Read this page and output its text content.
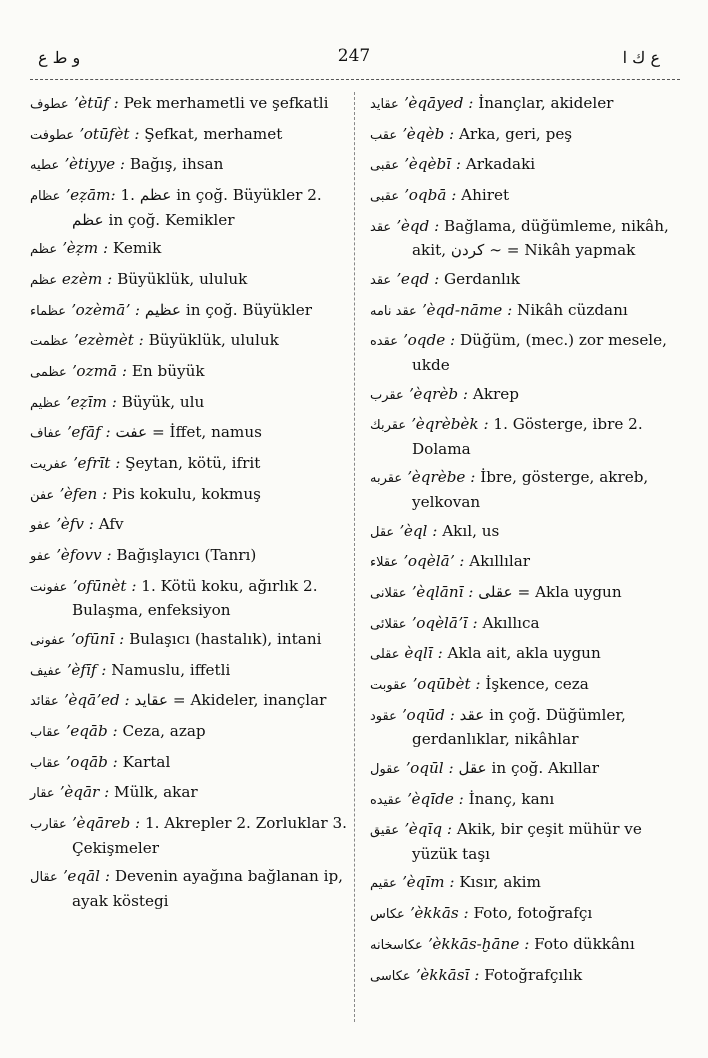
و ط ع	247	ع ك ا
عطوف ʼètūf : Pek merhametli ve şefkatli
عطوفت ʼotūfèt : Şefkat, merhamet
عطيه ʼètiyye : Bağış, ihsan
عظام ʼeẓām: 1. عظم in çoğ. Büyükler 2. عظم in çoğ. Kemikler
عظم ʼèẓm : Kemik
عظم ezèm : Büyüklük, ululuk
عظماء ʼozèmāʼ : عظيم in çoğ. Büyükler
عظمت ʼezèmèt : Büyüklük, ululuk
عظمى ʼozmā : En büyük
عظيم ʼeẓīm : Büyük, ulu
عفاف ʼefāf : عفت = İffet, namus
عفريت ʼefrīt : Şeytan, kötü, ifrit
عفن ʼèfen : Pis kokulu, kokmuş
عفو ʼèfv : Afv
عفو ʼèfovv : Bağışlayıcı (Tanrı)
عفونت ʼofūnèt : 1. Kötü koku, ağırlık 2. Bulaşma, enfeksiyon
عفونى ʼofūnī : Bulaşıcı (hastalık), intani
عفيف ʼèfīf : Namuslu, iffetli
عقائد ʼèqāʼed : عقايد = Akideler, inançlar
عقاب ʼeqāb : Ceza, azap
عقاب ʼoqāb : Kartal
عقار ʼèqār : Mülk, akar
عقارب ʼèqāreb : 1. Akrepler 2. Zorluklar 3. Çekişmeler
عقال ʼeqāl : Devenin ayağına bağlanan ip, ayak köstegi
عقايد ʼèqāyed : İnançlar, akideler
عقب ʼèqèb : Arka, geri, peş
عقبى ʼèqèbī : Arkadaki
عقبى ʼoqbā : Ahiret
عقد ʼèqd : Bağlama, düğümleme, nikâh, akit, كردن ∼ = Nikâh yapmak
عقد ʼeqd : Gerdanlık
عقد نامه ʼèqd-nāme : Nikâh cüzdanı
عقده ʼoqde : Düğüm, (mec.) zor mesele, ukde
عقرب ʼèqrèb : Akrep
عقربك ʼèqrèbèk : 1. Gösterge, ibre 2. Dolama
عقربه ʼèqrèbe : İbre, gösterge, akreb, yelkovan
عقل ʼèql : Akıl, us
عقلاء ʼoqèlāʼ : Akıllılar
عقلانى ʼèqlānī : عقلى = Akla uygun
عقلائى ʼoqèlāʼī : Akıllıca
عقلى èqlī : Akla ait, akla uygun
عقوبت ʼoqūbèt : İşkence, ceza
عقود ʼoqūd : عقد in çoğ. Düğümler, gerdanlıklar, nikâhlar
عقول ʼoqūl : عقل in çoğ. Akıllar
عقيده ʼèqīde : İnanç, kanı
عقيق ʼèqīq : Akik, bir çeşit mühür ve yüzük taşı
عقيم ʼèqīm : Kısır, akim
عكاس ʼèkkās : Foto, fotoğrafçı
عكاسخانه ʼèkkās-ḫāne : Foto dükkânı
عكاسى ʼèkkāsī : Fotoğrafçılık
